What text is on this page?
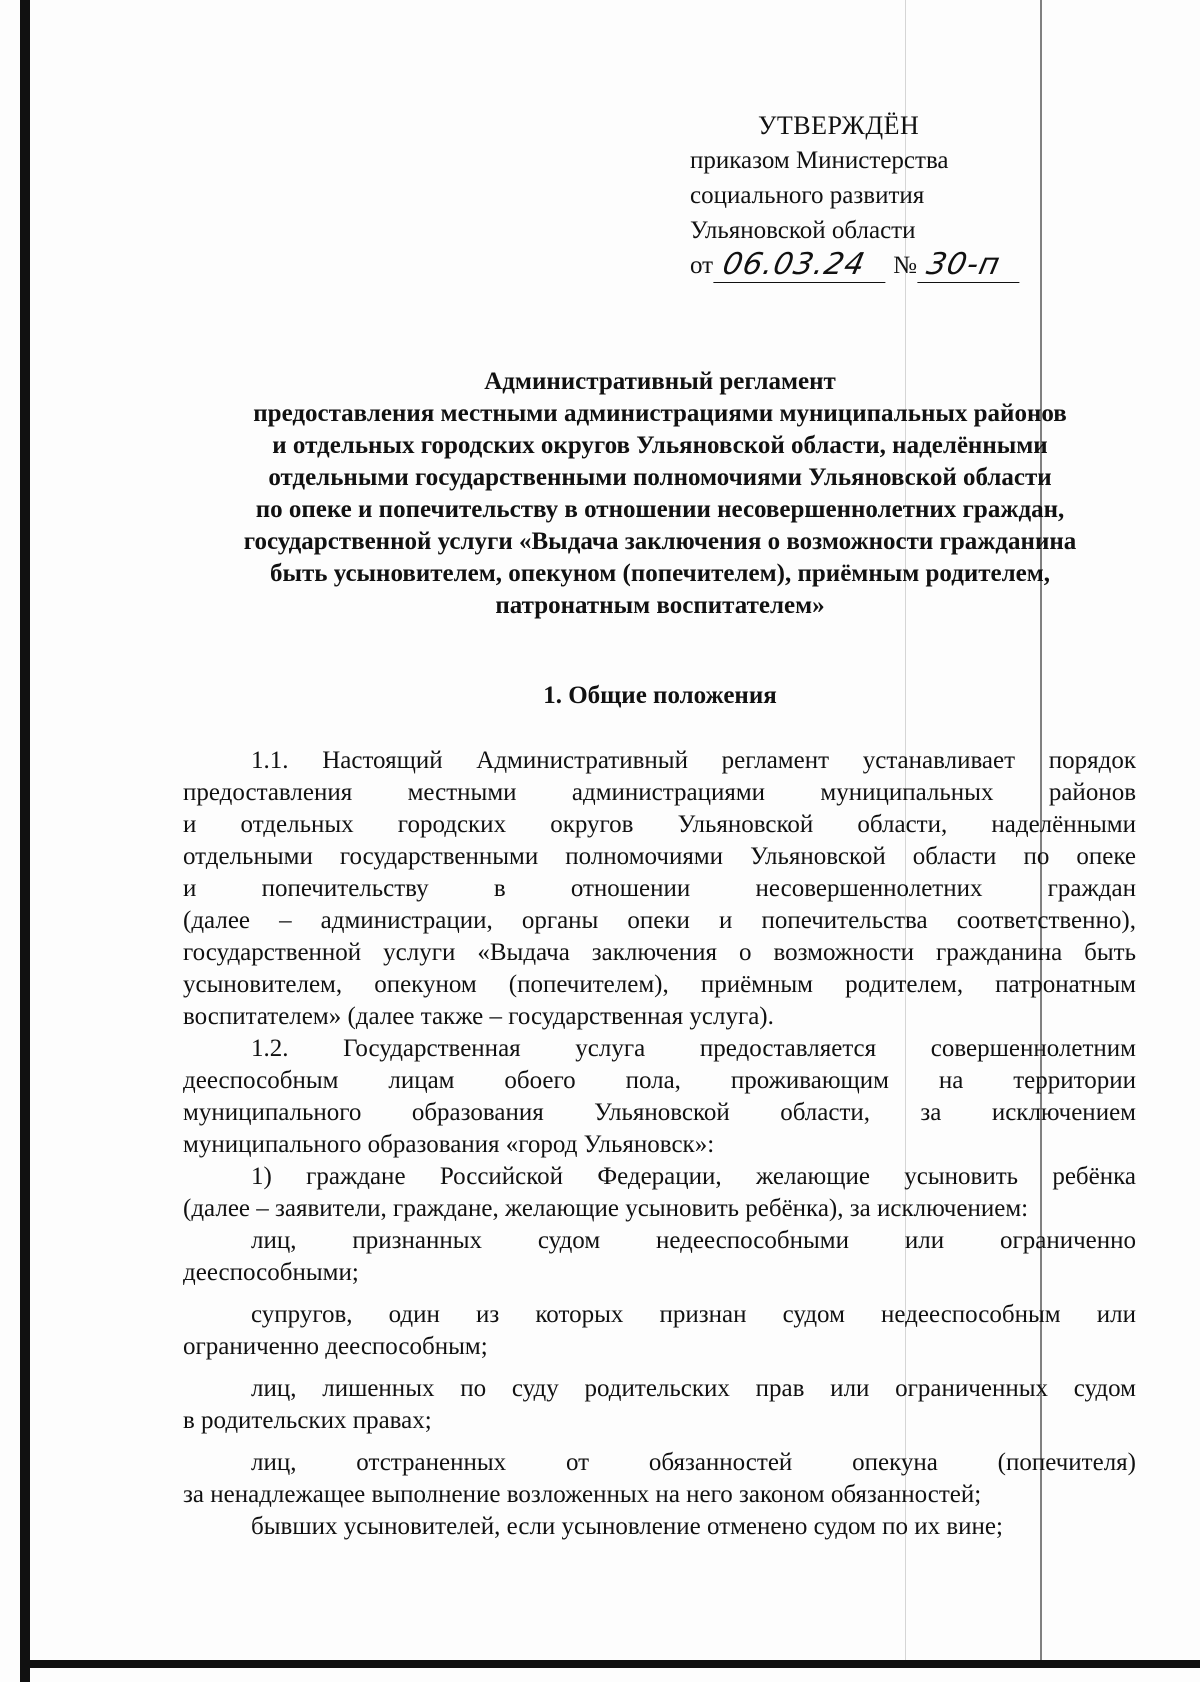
УТВЕРЖДЁН
приказом Министерства
социального развития
Ульяновской области
от 06.03.24 № 30-п
Административный регламент
предоставления местными администрациями муниципальных районов
и отдельных городских округов Ульяновской области, наделёнными
отдельными государственными полномочиями Ульяновской области
по опеке и попечительству в отношении несовершеннолетних граждан,
государственной услуги «Выдача заключения о возможности гражданина
быть усыновителем, опекуном (попечителем), приёмным родителем,
патронатным воспитателем»
1. Общие положения
1.1. Настоящий Административный регламент устанавливает порядок
предоставления местными администрациями муниципальных районов
и отдельных городских округов Ульяновской области, наделёнными
отдельными государственными полномочиями Ульяновской области по опеке
и попечительству в отношении несовершеннолетних граждан
(далее – администрации, органы опеки и попечительства соответственно),
государственной услуги «Выдача заключения о возможности гражданина быть
усыновителем, опекуном (попечителем), приёмным родителем, патронатным
воспитателем» (далее также – государственная услуга).
1.2. Государственная услуга предоставляется совершеннолетним
дееспособным лицам обоего пола, проживающим на территории
муниципального образования Ульяновской области, за исключением
муниципального образования «город Ульяновск»:
1) граждане Российской Федерации, желающие усыновить ребёнка
(далее – заявители, граждане, желающие усыновить ребёнка), за исключением:
лиц, признанных судом недееспособными или ограниченно
дееспособными;
супругов, один из которых признан судом недееспособным или
ограниченно дееспособным;
лиц, лишенных по суду родительских прав или ограниченных судом
в родительских правах;
лиц, отстраненных от обязанностей опекуна (попечителя)
за ненадлежащее выполнение возложенных на него законом обязанностей;
бывших усыновителей, если усыновление отменено судом по их вине;
